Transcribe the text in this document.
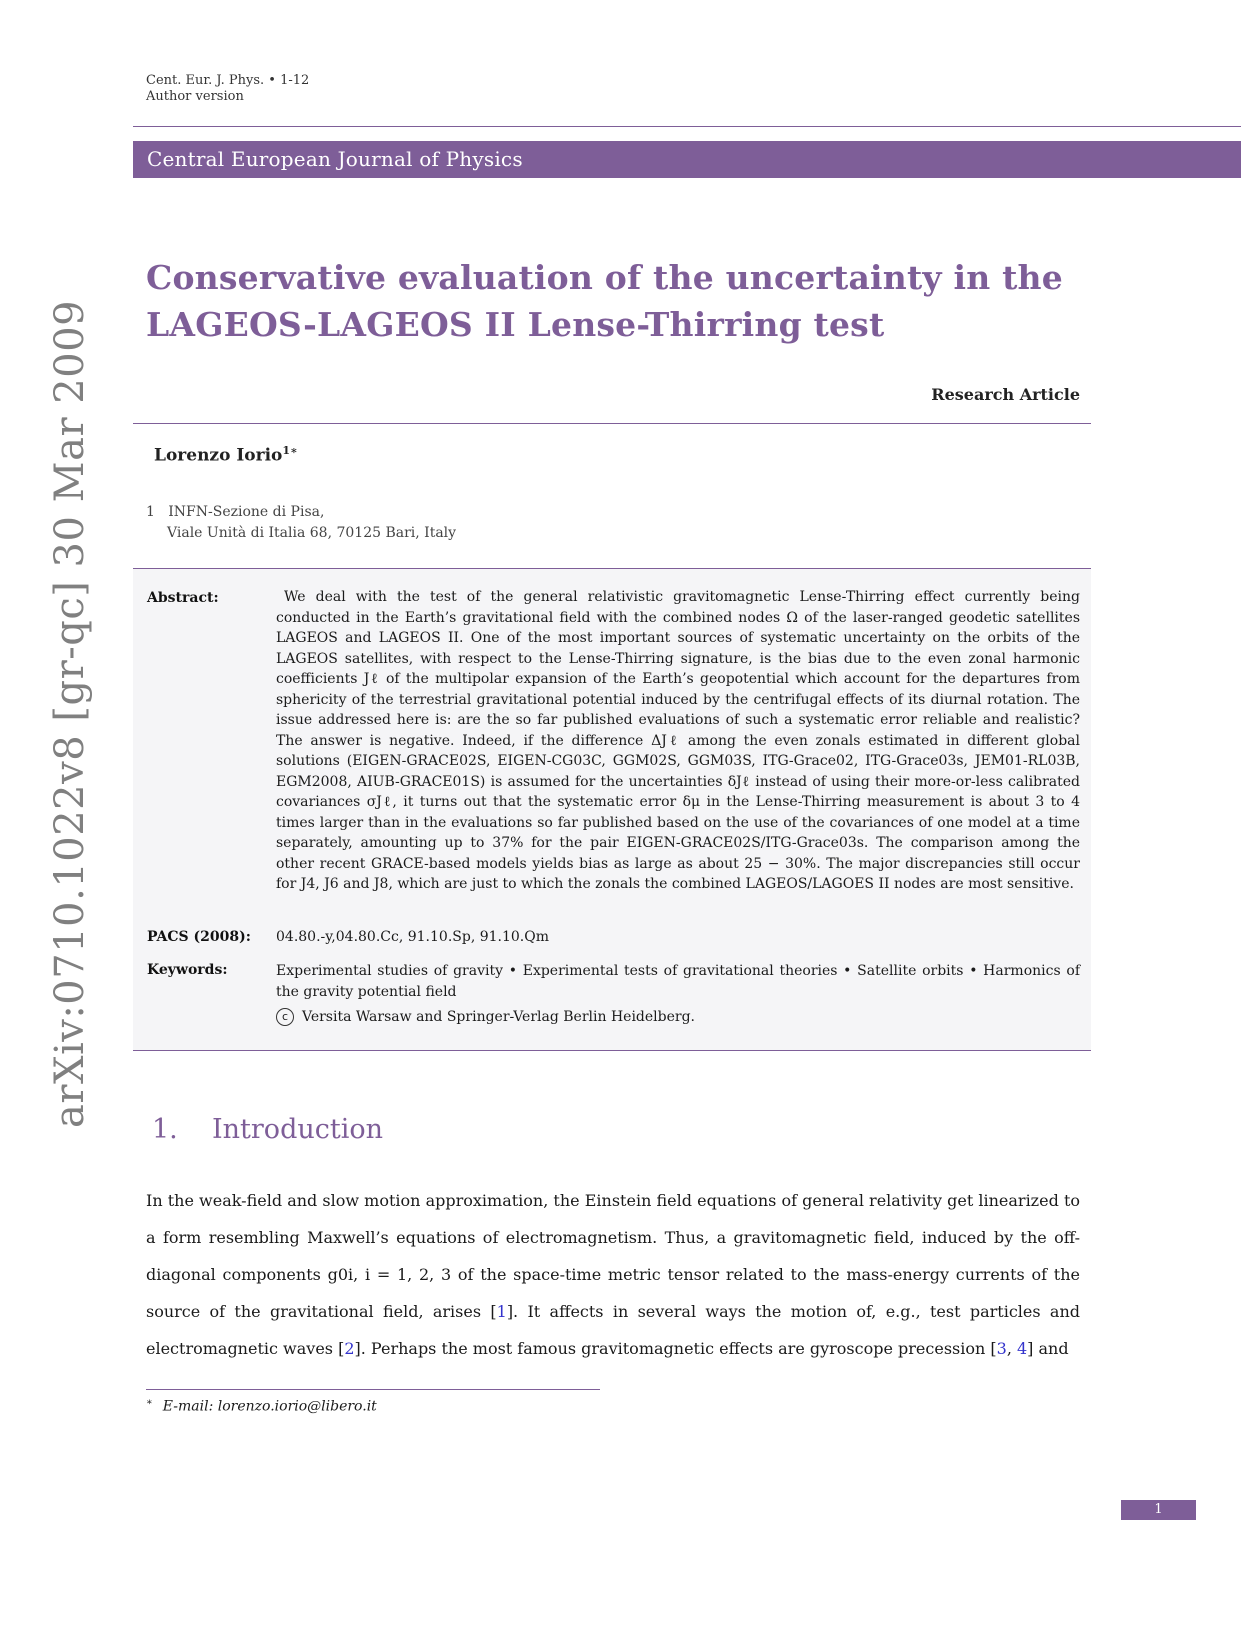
Cent. Eur. J. Phys. • 1-12
Author version
Central European Journal of Physics
Conservative evaluation of the uncertainty in the
LAGEOS-LAGEOS II Lense-Thirring test
Research Article
Lorenzo Iorio$^{1∗}$
1 INFN-Sezione di Pisa,
Viale Unità di Italia 68, 70125 Bari, Italy
Abstract:	We deal with the test of the general relativistic gravitomagnetic Lense-Thirring effect currently being conducted in the Earth’s gravitational field with the combined nodes Ω of the laser-ranged geodetic satellites LAGEOS and LAGEOS II. One of the most important sources of systematic uncertainty on the orbits of the LAGEOS satellites, with respect to the Lense-Thirring signature, is the bias due to the even zonal harmonic coefficients Jℓ of the multipolar expansion of the Earth’s geopotential which account for the departures from sphericity of the terrestrial gravitational potential induced by the centrifugal effects of its diurnal rotation. The issue addressed here is: are the so far published evaluations of such a systematic error reliable and realistic? The answer is negative. Indeed, if the difference ΔJℓ among the even zonals estimated in different global solutions (EIGEN-GRACE02S, EIGEN-CG03C, GGM02S, GGM03S, ITG-Grace02, ITG-Grace03s, JEM01-RL03B, EGM2008, AIUB-GRACE01S) is assumed for the uncertainties δJℓ instead of using their more-or-less calibrated covariances σJℓ, it turns out that the systematic error δμ in the Lense-Thirring measurement is about 3 to 4 times larger than in the evaluations so far published based on the use of the covariances of one model at a time separately, amounting up to 37% for the pair EIGEN-GRACE02S/ITG-Grace03s. The comparison among the other recent GRACE-based models yields bias as large as about 25 − 30%. The major discrepancies still occur for J4, J6 and J8, which are just to which the zonals the combined LAGEOS/LAGOES II nodes are most sensitive.

PACS (2008): 04.80.-y,04.80.Cc, 91.10.Sp, 91.10.Qm
Keywords:	Experimental studies of gravity • Experimental tests of gravitational theories • Satellite orbits • Harmonics of the gravity potential field
c Versita Warsaw and Springer-Verlag Berlin Heidelberg.
1. Introduction

In the weak-field and slow motion approximation, the Einstein field equations of general relativity get linearized to a form resembling Maxwell’s equations of electromagnetism. Thus, a gravitomagnetic field, induced by the off-diagonal components g0i, i = 1, 2, 3 of the space-time metric tensor related to the mass-energy currents of the source of the gravitational field, arises [1]. It affects in several ways the motion of, e.g., test particles and electromagnetic waves [2]. Perhaps the most famous gravitomagnetic effects are gyroscope precession [3, 4] and

∗ E-mail: lorenzo.iorio@libero.it
1
arXiv:0710.1022v8 [gr-qc] 30 Mar 2009
